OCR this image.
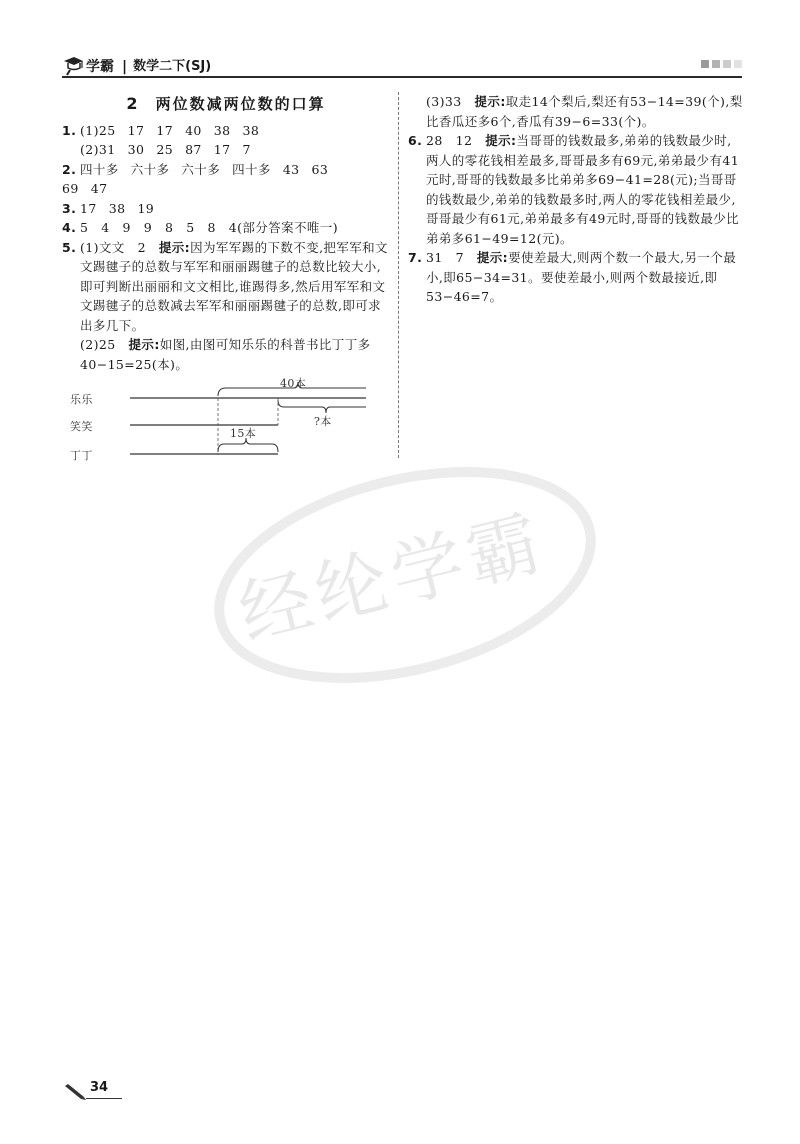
学霸 | 数学二下(SJ)
经纶学霸
2 两位数减两位数的口算
1. (1)25 17 17 40 38 38

(2)31 30 25 87 17 7

2. 四十多 六十多 六十多 四十多 43 63

69 47

3. 17 38 19

4. 5　4　9　9　8　5　8　4(部分答案不唯一)

5. (1)文文　2　提示:因为军军踢的下数不变,把军军和文文踢毽子的总数与军军和丽丽踢毽子的总数比较大小,即可判断出丽丽和文文相比,谁踢得多,然后用军军和文文踢毽子的总数减去军军和丽丽踢毽子的总数,即可求出多几下。

(2)25　提示:如图,由图可知乐乐的科普书比丁丁多40−15=25(本)。

乐乐
笑笑
丁丁
40本
?本
15本

(3)33　提示:取走14个梨后,梨还有53−14=39(个),梨比香瓜还多6个,香瓜有39−6=33(个)。

6. 28　12　提示:当哥哥的钱数最多,弟弟的钱数最少时,两人的零花钱相差最多,哥哥最多有69元,弟弟最少有41元时,哥哥的钱数最多比弟弟多69−41=28(元);当哥哥的钱数最少,弟弟的钱数最多时,两人的零花钱相差最少,哥哥最少有61元,弟弟最多有49元时,哥哥的钱数最少比弟弟多61−49=12(元)。

7. 31　7　提示:要使差最大,则两个数一个最大,另一个最小,即65−34=31。要使差最小,则两个数最接近,即53−46=7。

34
